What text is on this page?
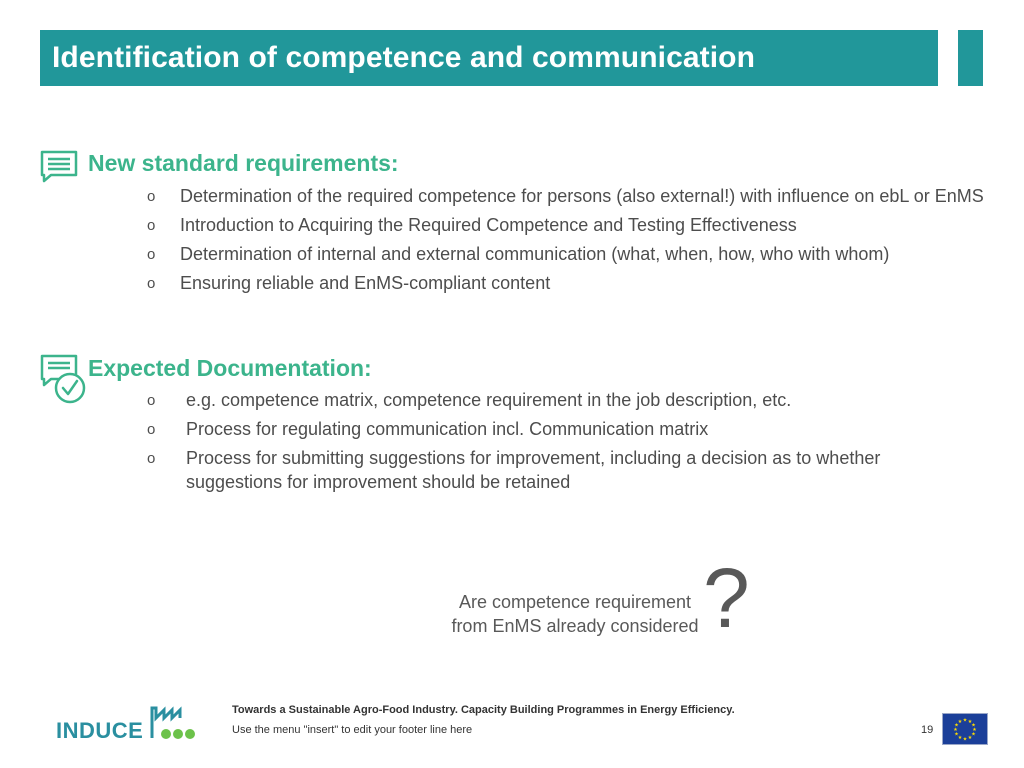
Identification of competence and communication
New standard requirements:
o Determination of the required competence for persons (also external!) with influence on ebL or EnMS
o Introduction to Acquiring the Required Competence and Testing Effectiveness
o Determination of internal and external communication (what, when, how, who with whom)
o Ensuring reliable and EnMS-compliant content
Expected Documentation:
o e.g. competence matrix, competence requirement in the job description, etc.
o Process for regulating communication incl. Communication matrix
o Process for submitting suggestions for improvement, including a decision as to whether suggestions for improvement should be retained
Are competence requirement from EnMS already considered ?
INDUCE
Towards a Sustainable Agro-Food Industry. Capacity Building Programmes in Energy Efficiency.
Use the menu "insert" to edit your footer line here	19
★ ★
★
★
★
★
★
★
★
★
★
★
